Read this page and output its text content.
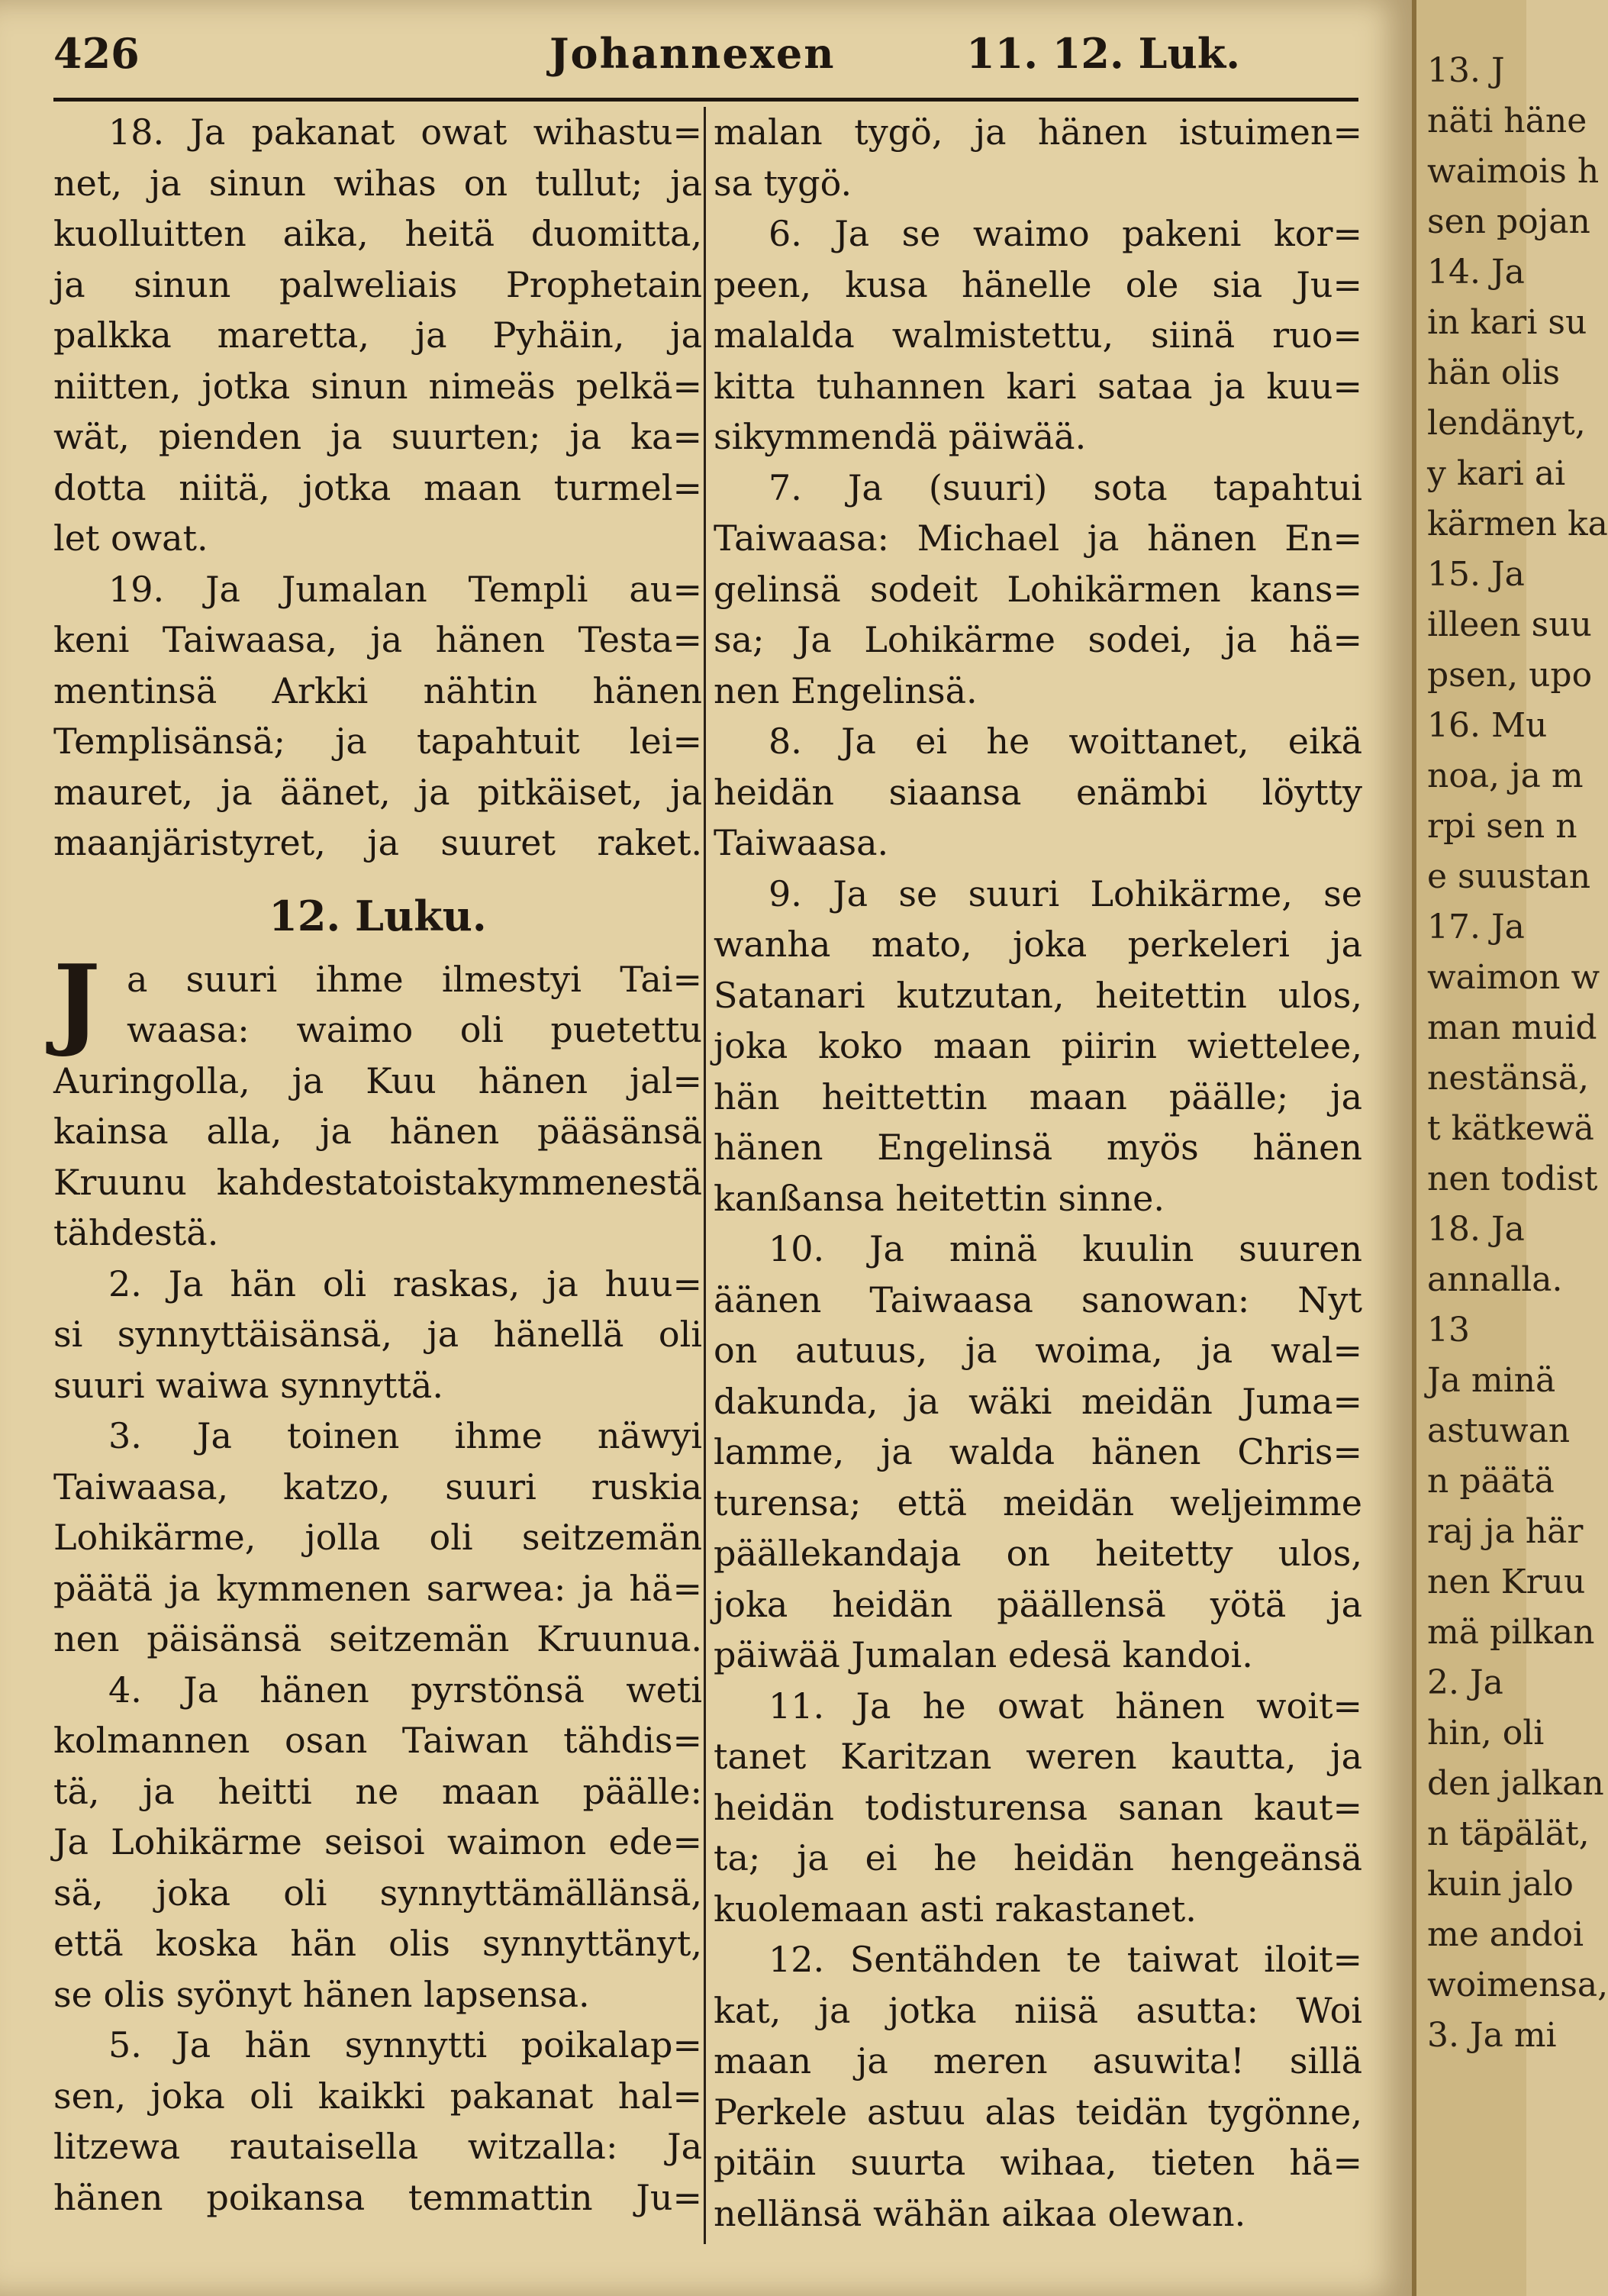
426	Johannexen	11. 12. Luk.
18. Ja pakanat owat wihastu=
net, ja sinun wihas on tullut; ja
kuolluitten aika, heitä duomitta,
ja sinun palweliais Prophetain
palkka maretta, ja Pyhäin, ja
niitten, jotka sinun nimeäs pelkä=
wät, pienden ja suurten; ja ka=
dotta niitä, jotka maan turmel=
let owat.
19. Ja Jumalan Templi au=
keni Taiwaasa, ja hänen Testa=
mentinsä Arkki nähtin hänen
Templisänsä; ja tapahtuit lei=
mauret, ja äänet, ja pitkäiset, ja
maanjäristyret, ja suuret raket.
12. Luku.
J a suuri ihme ilmestyi Tai=
waasa: waimo oli puetettu
Auringolla, ja Kuu hänen jal=
kainsa alla, ja hänen pääsänsä
Kruunu kahdestatoistakymmenestä
tähdestä.
2. Ja hän oli raskas, ja huu=
si synnyttäisänsä, ja hänellä oli
suuri waiwa synnyttä.
3. Ja toinen ihme näwyi
Taiwaasa, katzo, suuri ruskia
Lohikärme, jolla oli seitzemän
päätä ja kymmenen sarwea: ja hä=
nen päisänsä seitzemän Kruunua.
4. Ja hänen pyrstönsä weti
kolmannen osan Taiwan tähdis=
tä, ja heitti ne maan päälle:
Ja Lohikärme seisoi waimon ede=
sä, joka oli synnyttämällänsä,
että koska hän olis synnyttänyt,
se olis syönyt hänen lapsensa.
5. Ja hän synnytti poikalap=
sen, joka oli kaikki pakanat hal=
litzewa rautaisella witzalla: Ja
hänen poikansa temmattin Ju=
malan tygö, ja hänen istuimen=
sa tygö.
6. Ja se waimo pakeni kor=
peen, kusa hänelle ole sia Ju=
malalda walmistettu, siinä ruo=
kitta tuhannen kari sataa ja kuu=
sikymmendä päiwää.
7. Ja (suuri) sota tapahtui
Taiwaasa: Michael ja hänen En=
gelinsä sodeit Lohikärmen kans=
sa; Ja Lohikärme sodei, ja hä=
nen Engelinsä.
8. Ja ei he woittanet, eikä
heidän siaansa enämbi löytty
Taiwaasa.
9. Ja se suuri Lohikärme, se
wanha mato, joka perkeleri ja
Satanari kutzutan, heitettin ulos,
joka koko maan piirin wiettelee,
hän heittettin maan päälle; ja
hänen Engelinsä myös hänen
kanßansa heitettin sinne.
10. Ja minä kuulin suuren
äänen Taiwaasa sanowan: Nyt
on autuus, ja woima, ja wal=
dakunda, ja wäki meidän Juma=
lamme, ja walda hänen Chris=
turensa; että meidän weljeimme
päällekandaja on heitetty ulos,
joka heidän päällensä yötä ja
päiwää Jumalan edesä kandoi.
11. Ja he owat hänen woit=
tanet Karitzan weren kautta, ja
heidän todisturensa sanan kaut=
ta; ja ei he heidän hengeänsä
kuolemaan asti rakastanet.
12. Sentähden te taiwat iloit=
kat, ja jotka niisä asutta: Woi
maan ja meren asuwita! sillä
Perkele astuu alas teidän tygönne,
pitäin suurta wihaa, tieten hä=
nellänsä wähän aikaa olewan.
13. J
näti häne
waimois h
sen pojan
14. Ja
in kari su
hän olis
lendänyt,
y kari ai
kärmen ka
15. Ja
illeen suu
psen, upo
16. Mu
noa, ja m
rpi sen n
e suustan
17. Ja
waimon w
man muid
nestänsä,
t kätkewä
nen todist
18. Ja
annalla.
13
Ja minä
astuwan
n päätä
raj ja här
nen Kruu
mä pilkan
2. Ja
hin, oli
den jalkan
n täpälät,
kuin jalo
me andoi
woimensa,
3. Ja mi
